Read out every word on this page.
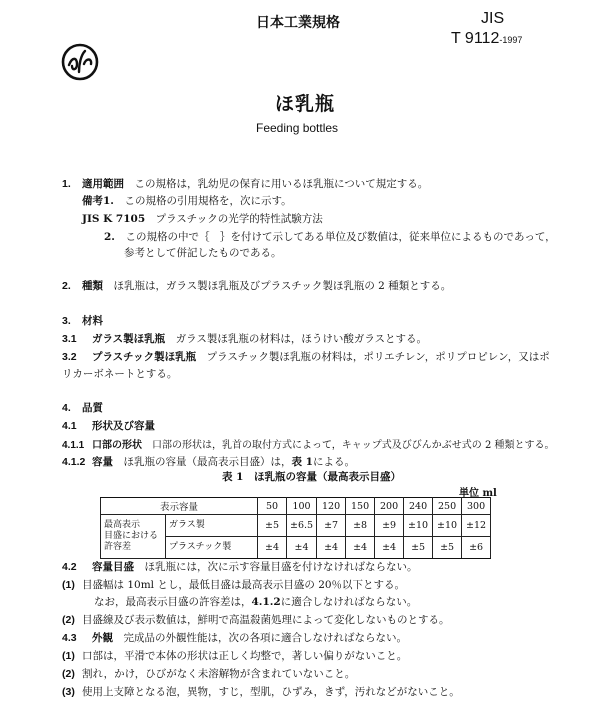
日本工業規格	JIS
T 9112-1997
ほ乳瓶
Feeding bottles
1. 適用範囲　 この規格は，乳幼児の保育に用いるほ乳瓶について規定する。
備考1.　 この規格の引用規格を，次に示す。
JIS K 7105　 プラスチックの光学的特性試験方法
2.　 この規格の中で｛　｝を付けて示してある単位及び数値は，従来単位によるものであって，
参考として併記したものである。
2. 種類　 ほ乳瓶は，ガラス製ほ乳瓶及びプラスチック製ほ乳瓶の 2 種類とする。
3. 材料
3.1 ガラス製ほ乳瓶　 ガラス製ほ乳瓶の材料は，ほうけい酸ガラスとする。
3.2 プラスチック製ほ乳瓶　 プラスチック製ほ乳瓶の材料は，ポリエチレン，ポリプロピレン，又はポ
リカーボネートとする。
4. 品質
4.1 形状及び容量
4.1.1 口部の形状　 口部の形状は，乳首の取付方式によって，キャップ式及びびんかぶせ式の 2 種類とする。
4.1.2 容量　 ほ乳瓶の容量（最高表示目盛）は，表 1による。
表 1　ほ乳瓶の容量（最高表示目盛）
単位 ml
表示容量		50	100	120	150	200	240	250	300

最高表示
目盛における
許容差	ガラス製	±5	±6.5	±7	±8	±9	±10	±10	±12
	プラスチック製	±4	±4	±4	±4	±4	±5	±5	±6
4.2 容量目盛　 ほ乳瓶には，次に示す容量目盛を付けなければならない。
(1) 目盛幅は 10ml とし，最低目盛は最高表示目盛の 20％以下とする。
なお，最高表示目盛の許容差は，4.1.2に適合しなければならない。
(2) 目盛線及び表示数値は，鮮明で高温殺菌処理によって変化しないものとする。
4.3 外観　 完成品の外観性能は，次の各項に適合しなければならない。
(1) 口部は，平滑で本体の形状は正しく均整で，著しい偏りがないこと。
(2) 割れ，かけ，ひびがなく未溶解物が含まれていないこと。
(3) 使用上支障となる泡，異物，すじ，型肌，ひずみ，きず，汚れなどがないこと。
